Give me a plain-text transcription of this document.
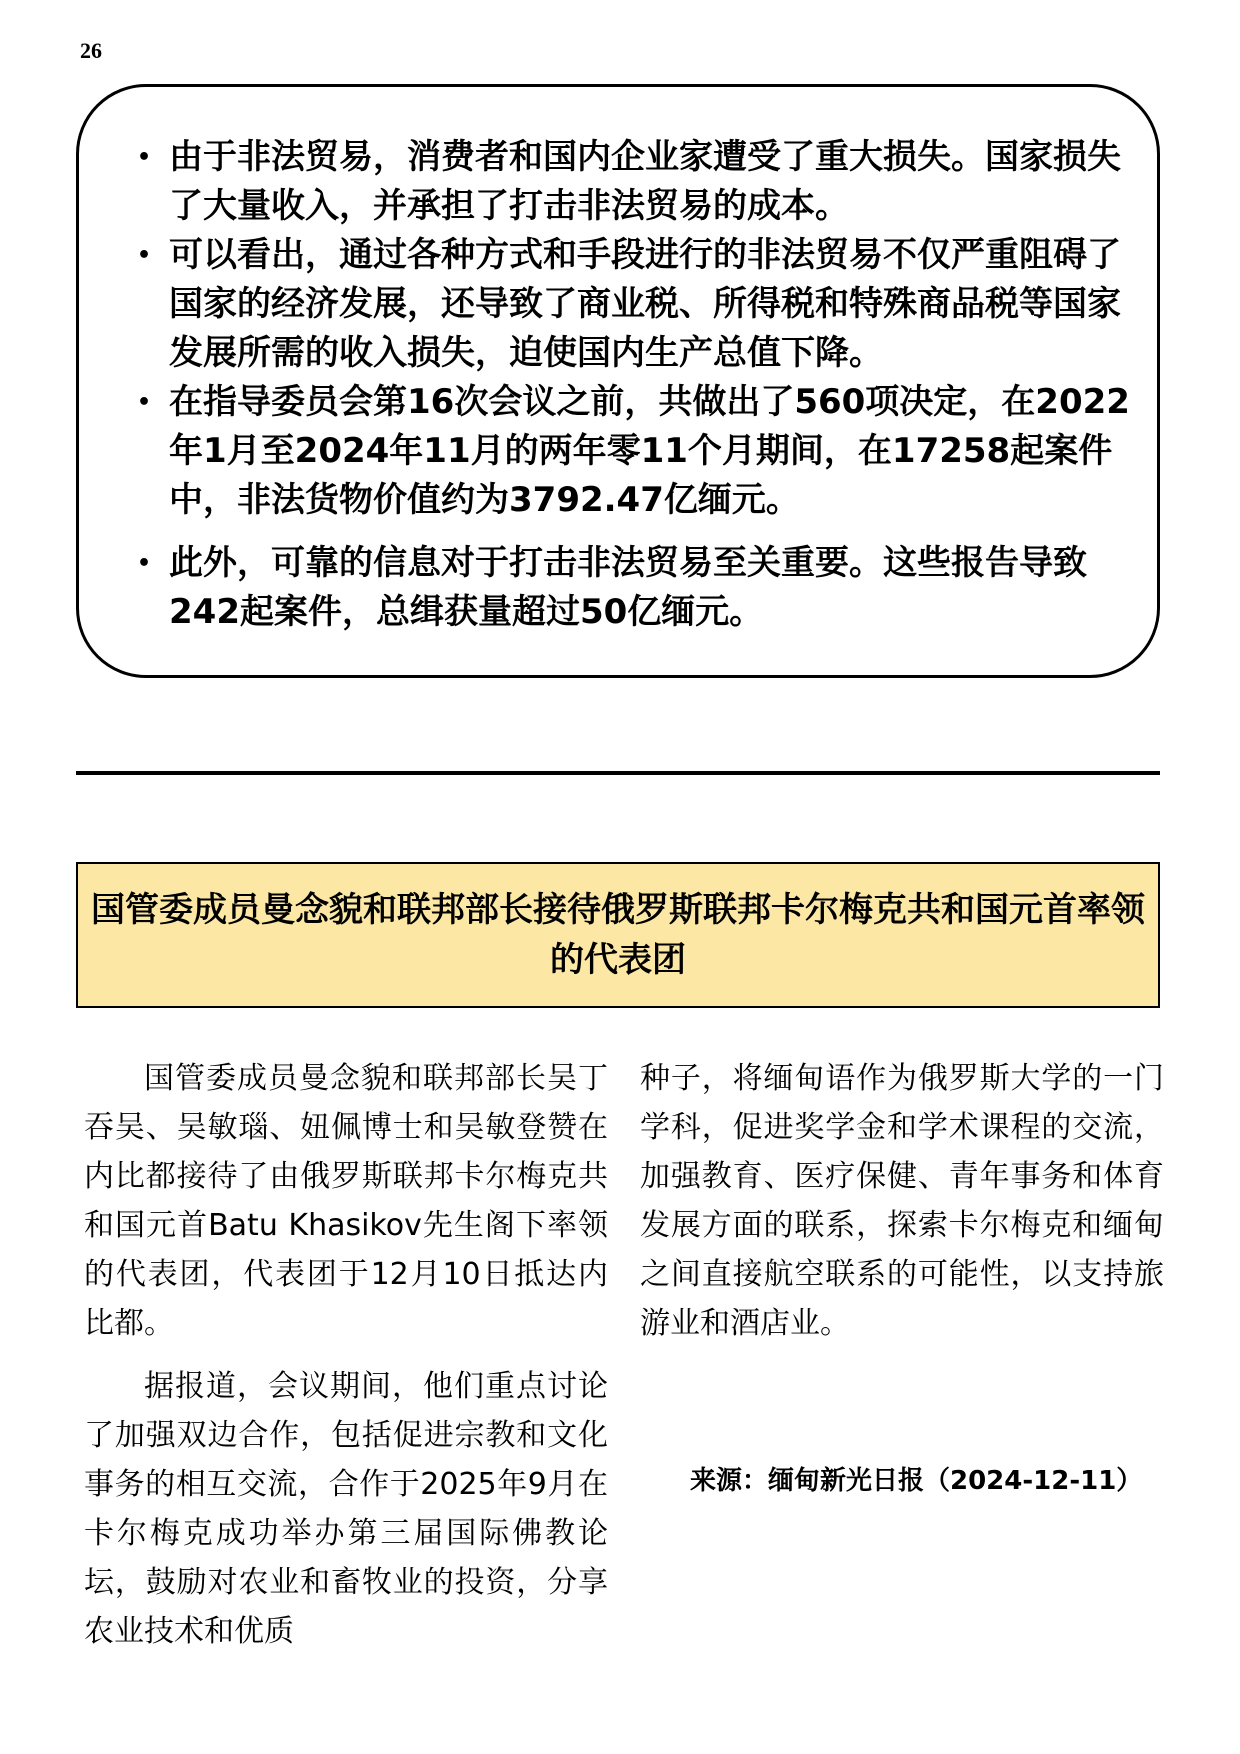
26
• 由于非法贸易，消费者和国内企业家遭受了重大损失。国家损失了大量收入，并承担了打击非法贸易的成本。
• 可以看出，通过各种方式和手段进行的非法贸易不仅严重阻碍了国家的经济发展，还导致了商业税、所得税和特殊商品税等国家发展所需的收入损失，迫使国内生产总值下降。
• 在指导委员会第16次会议之前，共做出了560项决定，在2022年1月至2024年11月的两年零11个月期间，在17258起案件中，非法货物价值约为3792.47亿缅元。
• 此外，可靠的信息对于打击非法贸易至关重要。这些报告导致242起案件，总缉获量超过50亿缅元。
国管委成员曼念貌和联邦部长接待俄罗斯联邦卡尔梅克共和国元首率领的代表团

国管委成员曼念貌和联邦部长吴丁吞吴、吴敏瑙、妞佩博士和吴敏登赞在内比都接待了由俄罗斯联邦卡尔梅克共和国元首Batu Khasikov先生阁下率领的代表团，代表团于12月10日抵达内比都。

据报道，会议期间，他们重点讨论了加强双边合作，包括促进宗教和文化事务的相互交流，合作于2025年9月在卡尔梅克成功举办第三届国际佛教论坛，鼓励对农业和畜牧业的投资，分享农业技术和优质

种子，将缅甸语作为俄罗斯大学的一门学科，促进奖学金和学术课程的交流，加强教育、医疗保健、青年事务和体育发展方面的联系，探索卡尔梅克和缅甸之间直接航空联系的可能性，以支持旅游业和酒店业。

来源：缅甸新光日报（2024-12-11）
